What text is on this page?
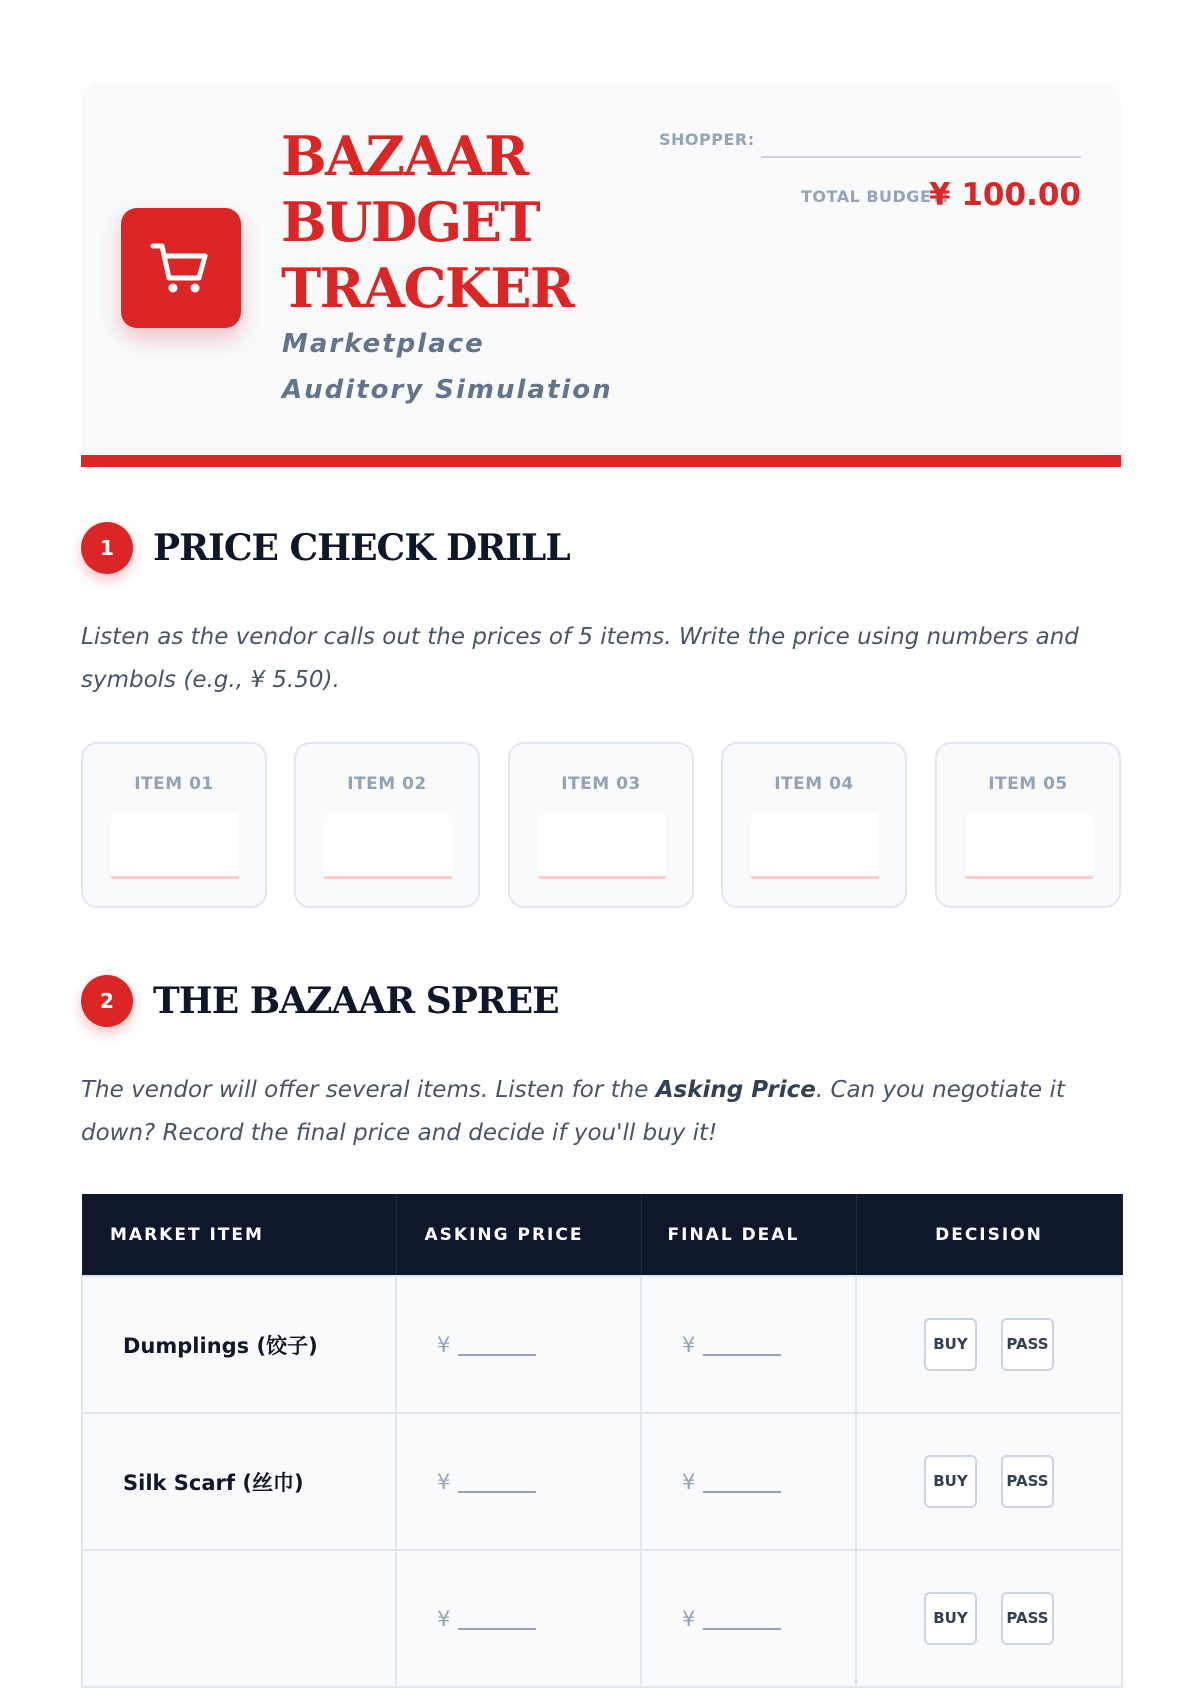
BAZAAR
BUDGET
TRACKER
Marketplace Auditory Simulation
SHOPPER:
TOTAL BUDGET:
¥ 100.00
1	PRICE CHECK DRILL

Listen as the vendor calls out the prices of 5 items. Write the price using numbers and symbols (e.g., ¥ 5.50).

ITEM 01	ITEM 02	ITEM 03	ITEM 04	ITEM 05
2	THE BAZAAR SPREE

The vendor will offer several items. Listen for the Asking Price. Can you negotiate it down? Record the final price and decide if you'll buy it!

MARKET ITEM	ASKING PRICE	FINAL DEAL	DECISION
Dumplings (饺子)	¥	¥	BUY PASS
Silk Scarf (丝巾)	¥	¥	BUY PASS
	¥	¥	BUY PASS
